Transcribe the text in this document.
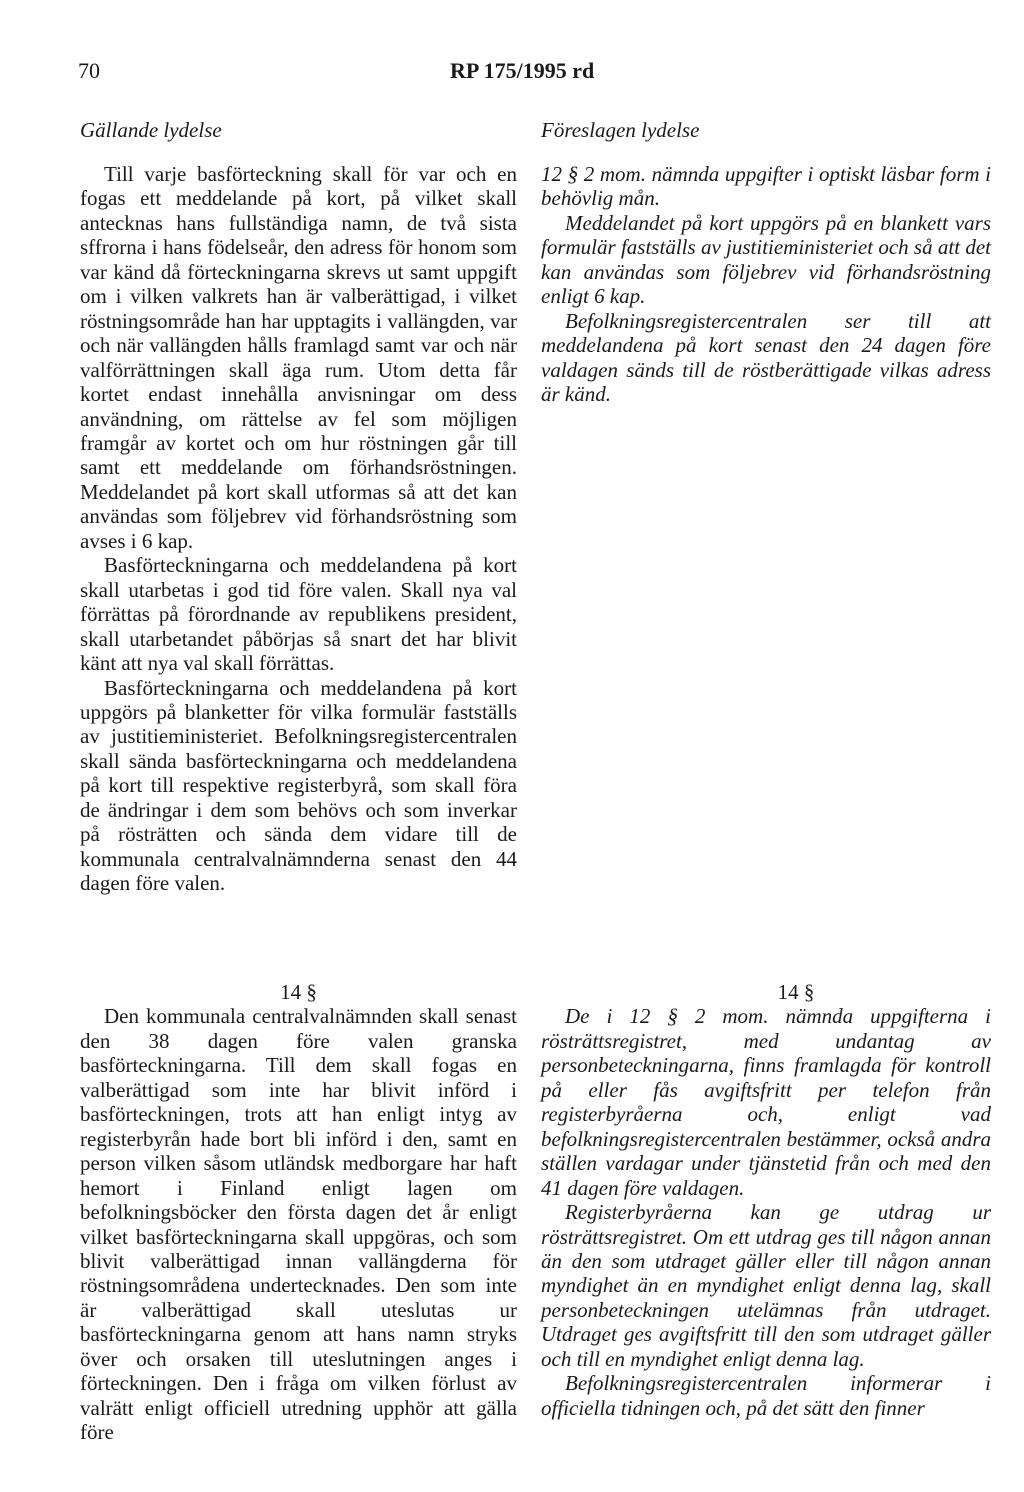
70	RP 175/1995 rd
Gällande lydelse	Föreslagen lydelse

Till varje basförteckning skall för var och en fogas ett meddelande på kort, på vilket skall antecknas hans fullständiga namn, de två sista sffrorna i hans födelseår, den adress för honom som var känd då förteckningarna skrevs ut samt uppgift om i vilken valkrets han är valberättigad, i vilket röstningsområde han har upptagits i vallängden, var och när vallängden hålls framlagd samt var och när valförrättningen skall äga rum. Utom detta får kortet endast innehålla anvisningar om dess användning, om rättelse av fel som möjligen framgår av kortet och om hur röstningen går till samt ett meddelande om förhandsröstningen. Meddelandet på kort skall utformas så att det kan användas som följebrev vid förhandsröstning som avses i 6 kap.

Basförteckningarna och meddelandena på kort skall utarbetas i god tid före valen. Skall nya val förrättas på förordnande av republikens president, skall utarbetandet påbörjas så snart det har blivit känt att nya val skall förrättas.

Basförteckningarna och meddelandena på kort uppgörs på blanketter för vilka formulär fastställs av justitieministeriet. Befolkningsregistercentralen skall sända basförteckningarna och meddelandena på kort till respektive registerbyrå, som skall föra de ändringar i dem som behövs och som inverkar på rösträtten och sända dem vidare till de kommunala centralvalnämnderna senast den 44 dagen före valen.

12 § 2 mom. nämnda uppgifter i optiskt läsbar form i behövlig mån.

Meddelandet på kort uppgörs på en blankett vars formulär fastställs av justitieministeriet och så att det kan användas som följebrev vid förhandsröstning enligt 6 kap.

Befolkningsregistercentralen ser till att meddelandena på kort senast den 24 dagen före valdagen sänds till de röstberättigade vilkas adress är känd.

14 §

Den kommunala centralvalnämnden skall senast den 38 dagen före valen granska basförteckningarna. Till dem skall fogas en valberättigad som inte har blivit införd i basförteckningen, trots att han enligt intyg av registerbyrån hade bort bli införd i den, samt en person vilken såsom utländsk medborgare har haft hemort i Finland enligt lagen om befolkningsböcker den första dagen det år enligt vilket basförteckningarna skall uppgöras, och som blivit valberättigad innan vallängderna för röstningsområdena undertecknades. Den som inte är valberättigad skall uteslutas ur basförteckningarna genom att hans namn stryks över och orsaken till uteslutningen anges i förteckningen. Den i fråga om vilken förlust av valrätt enligt officiell utredning upphör att gälla före

14 §

De i 12 § 2 mom. nämnda uppgifterna i rösträttsregistret, med undantag av personbeteckningarna, finns framlagda för kontroll på eller fås avgiftsfritt per telefon från registerbyråerna och, enligt vad befolkningsregistercentralen bestämmer, också andra ställen vardagar under tjänstetid från och med den 41 dagen före valdagen.

Registerbyråerna kan ge utdrag ur rösträttsregistret. Om ett utdrag ges till någon annan än den som utdraget gäller eller till någon annan myndighet än en myndighet enligt denna lag, skall personbeteckningen utelämnas från utdraget. Utdraget ges avgiftsfritt till den som utdraget gäller och till en myndighet enligt denna lag.

Befolkningsregistercentralen informerar i officiella tidningen och, på det sätt den finner
